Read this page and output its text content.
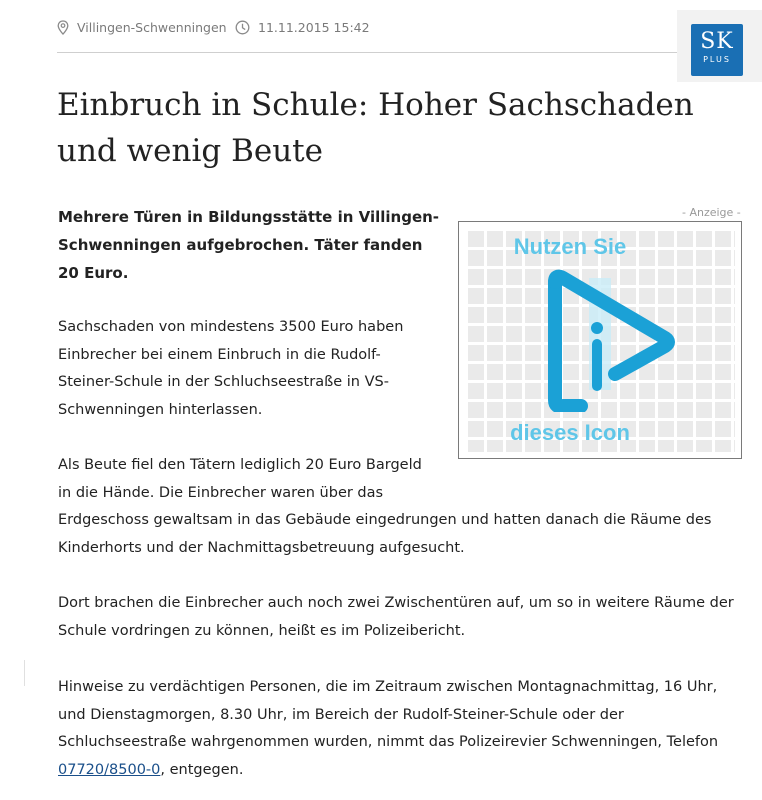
Villingen-Schwenningen	11.11.2015 15:42
SK
PLUS
Einbruch in Schule: Hoher Sachschaden und wenig Beute

Mehrere Türen in Bildungsstätte in Villingen-Schwenningen aufgebrochen. Täter fanden 20 Euro.

- Anzeige -
Nutzen Sie
dieses Icon

Sachschaden von mindestens 3500 Euro haben Einbrecher bei einem Einbruch in die Rudolf-Steiner-Schule in der Schluchseestraße in VS-Schwenningen hinterlassen.

Als Beute fiel den Tätern lediglich 20 Euro Bargeld in die Hände. Die Einbrecher waren über das
Erdgeschoss gewaltsam in das Gebäude eingedrungen und hatten danach die Räume des Kinderhorts und der Nachmittagsbetreuung aufgesucht.

Dort brachen die Einbrecher auch noch zwei Zwischentüren auf, um so in weitere Räume der Schule vordringen zu können, heißt es im Polizeibericht.

Hinweise zu verdächtigen Personen, die im Zeitraum zwischen Montagnachmittag, 16 Uhr, und Dienstagmorgen, 8.30 Uhr, im Bereich der Rudolf-Steiner-Schule oder der Schluchseestraße wahrgenommen wurden, nimmt das Polizeirevier Schwenningen, Telefon 07720/8500-0, entgegen.
